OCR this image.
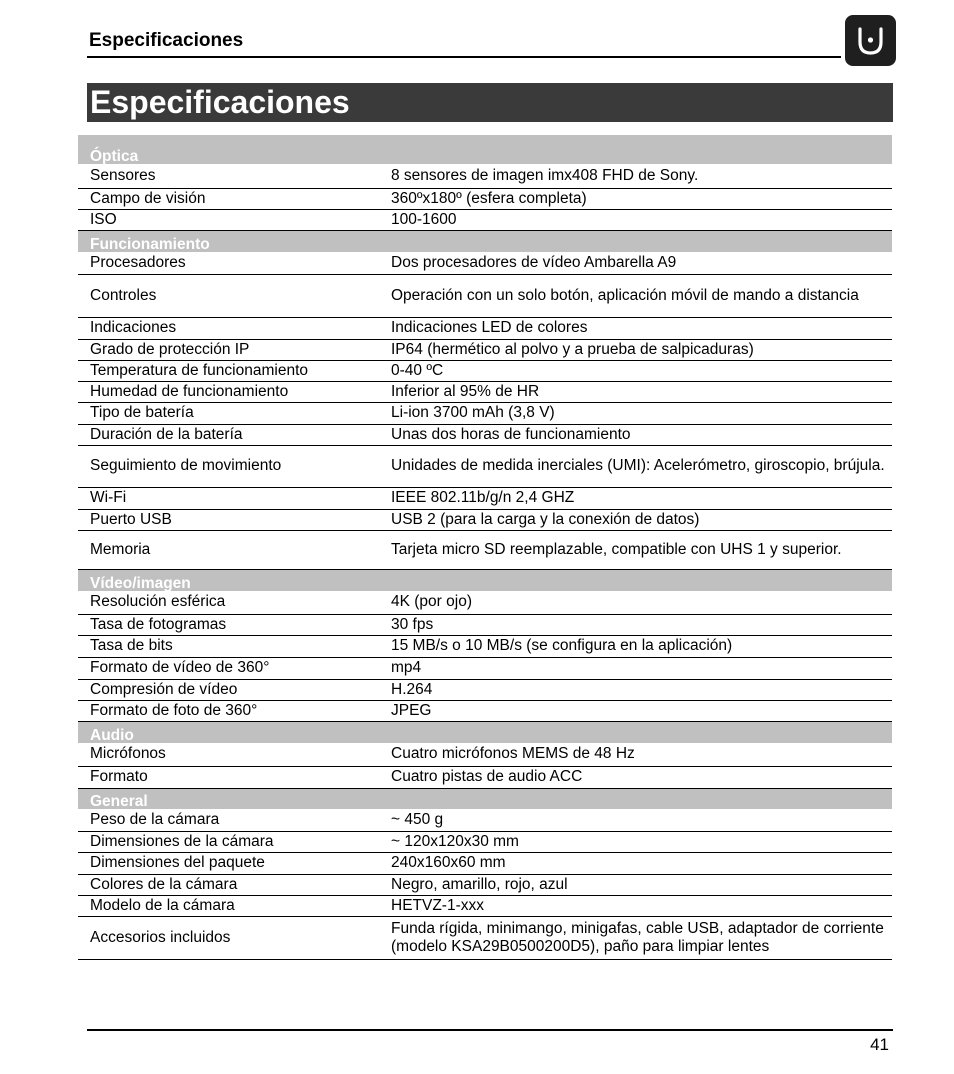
Especificaciones
Especificaciones
Óptica	
Sensores	8 sensores de imagen imx408 FHD de Sony.
Campo de visión	360ºx180º (esfera completa)
ISO	100-1600
Funcionamiento	
Procesadores	Dos procesadores de vídeo Ambarella A9
Controles	Operación con un solo botón, aplicación móvil de mando a distancia
Indicaciones	Indicaciones LED de colores
Grado de protección IP	IP64 (hermético al polvo y a prueba de salpicaduras)
Temperatura de funcionamiento	0-40 ºC
Humedad de funcionamiento	Inferior al 95% de HR
Tipo de batería	Li-ion 3700 mAh (3,8 V)
Duración de la batería	Unas dos horas de funcionamiento
Seguimiento de movimiento	Unidades de medida inerciales (UMI): Acelerómetro, giroscopio, brújula.
Wi-Fi	IEEE 802.11b/g/n 2,4 GHZ
Puerto USB	USB 2 (para la carga y la conexión de datos)
Memoria	Tarjeta micro SD reemplazable, compatible con UHS 1 y superior.
Vídeo/imagen	
Resolución esférica	4K (por ojo)
Tasa de fotogramas	30 fps
Tasa de bits	15 MB/s o 10 MB/s (se configura en la aplicación)
Formato de vídeo de 360°	mp4
Compresión de vídeo	H.264
Formato de foto de 360°	JPEG
Audio	
Micrófonos	Cuatro micrófonos MEMS de 48 Hz
Formato	Cuatro pistas de audio ACC
General	
Peso de la cámara	~ 450 g
Dimensiones de la cámara	~ 120x120x30 mm
Dimensiones del paquete	240x160x60 mm
Colores de la cámara	Negro, amarillo, rojo, azul
Modelo de la cámara	HETVZ-1-xxx
Accesorios incluidos	Funda rígida, minimango, minigafas, cable USB, adaptador de corriente (modelo KSA29B0500200D5), paño para limpiar lentes
41
